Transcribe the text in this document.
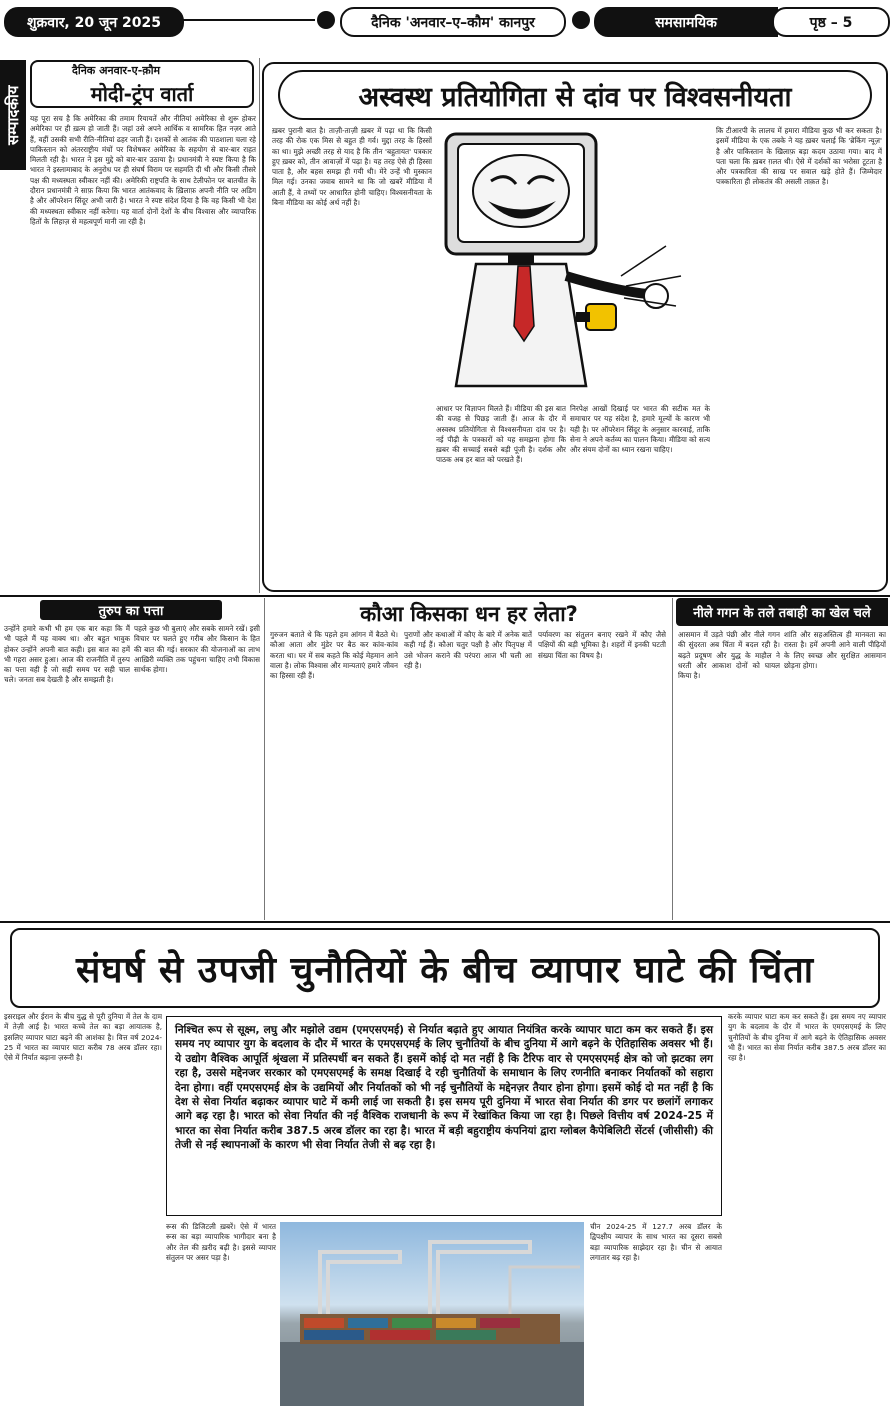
शुक्रवार, 20 जून 2025	दैनिक 'अनवार–ए–कौम' कानपुर	समसामयिक	पृष्ठ – 5
सम्पादकीय
दैनिक अनवार-ए-क़ौम
मोदी-ट्रंप वार्ता
यह पूरा सच है कि अमेरिका की तमाम रियायतें और नीतियां अमेरिका से शुरू होकर अमेरिका पर ही ख़त्म हो जाती हैं। जहां उसे अपने आर्थिक व सामरिक हित नज़र आते हैं, वहीं उसकी सभी रीति-नीतियां ढहर जाती हैं। दशकों से आतंक की पाठशाला चला रहे पाकिस्तान को अंतरराष्ट्रीय मंचों पर विशेषकर अमेरिका के सहयोग से बार-बार राहत मिलती रही है। भारत ने इस मुद्दे को बार-बार उठाया है। प्रधानमंत्री ने स्पष्ट किया है कि भारत ने इस्लामाबाद के अनुरोध पर ही संघर्ष विराम पर सहमति दी थी और किसी तीसरे पक्ष की मध्यस्थता स्वीकार नहीं की। अमेरिकी राष्ट्रपति के साथ टेलीफोन पर बातचीत के दौरान प्रधानमंत्री ने साफ़ किया कि भारत आतंकवाद के ख़िलाफ़ अपनी नीति पर अडिग है और ऑपरेशन सिंदूर अभी जारी है। भारत ने स्पष्ट संदेश दिया है कि वह किसी भी देश की मध्यस्थता स्वीकार नहीं करेगा। यह वार्ता दोनों देशों के बीच विश्वास और व्यापारिक हितों के लिहाज़ से महत्वपूर्ण मानी जा रही है।
अस्वस्थ प्रतियोगिता से दांव पर विश्वसनीयता
ख़बर पुरानी बात है। ताज़ी-ताज़ी ख़बर में पढ़ा था कि किसी तरह की रोक एक मिस से बहुत ही गर्व। मुद्दा तरह के हिस्सों का था। मुझे अच्छी तरह से याद है कि तीन 'बहुतायत' पत्रकार हुए ख़बर को, तीन आवाज़ों में पढ़ा है। यह तरह ऐसे ही हिस्सा पाता है, और बहस समझ ही गयी थी। मेरे उन्हें भी मुस्कान मिल गई। उनका जवाब सामने था कि जो खबरें मीडिया में आती हैं, वे तथ्यों पर आधारित होनी चाहिए। विश्वसनीयता के बिना मीडिया का कोई अर्थ नहीं है।
आधार पर विज्ञापन मिलते हैं। मीडिया की इस बात की वजह से पिछड़ जाती हैं। आज के दौर में अस्वस्थ प्रतियोगिता से विश्वसनीयता दांव पर है। नई पीढ़ी के पत्रकारों को यह समझना होगा कि ख़बर की सच्चाई सबसे बड़ी पूंजी है। दर्शक और पाठक अब हर बात को परखते हैं।
निरपेक्ष आखों दिखाई पर भारत की सटीक मत के समाचार पर यह संदेश है, हमारे मूल्यों के कारण भी यही है। पर ऑपरेशन सिंदूर के अनुसार कारवाई, ताकि सेना ने अपने कर्तव्य का पालन किया। मीडिया को सत्य और संयम दोनों का ध्यान रखना चाहिए।
कि टीआरपी के लालच में हमारा मीडिया कुछ भी कर सकता है। इसमें मीडिया के एक तबके ने यह ख़बर चलाई कि 'ब्रेकिंग न्यूज़' है और पाकिस्तान के खिलाफ़ बड़ा कदम उठाया गया। बाद में पता चला कि ख़बर ग़लत थी। ऐसे में दर्शकों का भरोसा टूटता है और पत्रकारिता की साख पर सवाल खड़े होते हैं। जिम्मेदार पत्रकारिता ही लोकतंत्र की असली ताक़त है।
तुरुप का पत्ता
उन्होंने हमारे कभी भी हम एक बार कहा कि मैं भी पहले मैं यह वाक्य था। और बहुत भावुक होकर उन्होंने अपनी बात कही। इस बात का हमें भी गहरा असर हुआ। आज की राजनीति में तुरुप का पत्ता वही है जो सही समय पर सही चाल चले। जनता सब देखती है और समझती है।
पहले कुछ भी बुलाएं और सबके सामने रखें। इसी विचार पर चलते हुए गरीब और किसान के हित की बात की गई। सरकार की योजनाओं का लाभ आख़िरी व्यक्ति तक पहुंचना चाहिए तभी विकास सार्थक होगा।
कौआ किसका धन हर लेता?
गुरुजन बताते थे कि पहले हम आंगन में बैठते थे। कौआ आता और मुंडेर पर बैठ कर कांव-कांव करता था। घर में सब कहते कि कोई मेहमान आने वाला है। लोक विश्वास और मान्यताएं हमारे जीवन का हिस्सा रही हैं।
पुराणों और कथाओं में कौए के बारे में अनेक बातें कही गई हैं। कौआ चतुर पक्षी है और पितृपक्ष में उसे भोजन कराने की परंपरा आज भी चली आ रही है।
पर्यावरण का संतुलन बनाए रखने में कौए जैसे पक्षियों की बड़ी भूमिका है। शहरों में इनकी घटती संख्या चिंता का विषय है।
नीले गगन के तले तबाही का खेल चले
आसमान में उड़ते पंछी और नीले गगन की सुंदरता अब चिंता में बदल रही है। बढ़ते प्रदूषण और युद्ध के माहौल ने धरती और आकाश दोनों को घायल किया है।
शांति और सहअस्तित्व ही मानवता का रास्ता है। हमें अपनी आने वाली पीढ़ियों के लिए स्वच्छ और सुरक्षित आसमान छोड़ना होगा।
संघर्ष से उपजी चुनौतियों के बीच व्यापार घाटे की चिंता
इसराइल और ईरान के बीच युद्ध से पूरी दुनिया में तेल के दाम में तेज़ी आई है। भारत कच्चे तेल का बड़ा आयातक है, इसलिए व्यापार घाटा बढ़ने की आशंका है। वित्त वर्ष 2024-25 में भारत का व्यापार घाटा करीब 78 अरब डॉलर रहा। ऐसे में निर्यात बढ़ाना ज़रूरी है।
निश्चित रूप से सूक्ष्म, लघु और मझोले उद्यम (एमएसएमई) से निर्यात बढ़ाते हुए आयात नियंत्रित करके व्यापार घाटा कम कर सकते हैं। इस समय नए व्यापार युग के बदलाव के दौर में भारत के एमएसएमई के लिए चुनौतियों के बीच दुनिया में आगे बढ़ने के ऐतिहासिक अवसर भी हैं। ये उद्योग वैश्विक आपूर्ति श्रृंखला में प्रतिस्पर्धी बन सकते हैं। इसमें कोई दो मत नहीं है कि टैरिफ वार से एमएसएमई क्षेत्र को जो झटका लग रहा है, उससे मद्देनजर सरकार को एमएसएमई के समक्ष दिखाई दे रही चुनौतियों के समाधान के लिए रणनीति बनाकर निर्यातकों को सहारा देना होगा। वहीं एमएसएमई क्षेत्र के उद्यमियों और निर्यातकों को भी नई चुनौतियों के मद्देनज़र तैयार होना होगा। इसमें कोई दो मत नहीं है कि देश से सेवा निर्यात बढ़ाकर व्यापार घाटे में कमी लाई जा सकती है। इस समय पूरी दुनिया में भारत सेवा निर्यात की डगर पर छलांगें लगाकर आगे बढ़ रहा है। भारत को सेवा निर्यात की नई वैश्विक राजधानी के रूप में रेखांकित किया जा रहा है। पिछले वित्तीय वर्ष 2024-25 में भारत का सेवा निर्यात करीब 387.5 अरब डॉलर का रहा है। भारत में बड़ी बहुराष्ट्रीय कंपनियां द्वारा ग्लोबल कैपेबिलिटी सेंटर्स (जीसीसी) की तेजी से नई स्थापनाओं के कारण भी सेवा निर्यात तेजी से बढ़ रहा है।
रूस की डिजिटली ख़बरें। ऐसे में भारत रूस का बड़ा व्यापारिक भागीदार बना है और तेल की ख़रीद बढ़ी है। इससे व्यापार संतुलन पर असर पड़ा है।
चीन 2024-25 में 127.7 अरब डॉलर के द्विपक्षीय व्यापार के साथ भारत का दूसरा सबसे बड़ा व्यापारिक साझेदार रहा है। चीन से आयात लगातार बढ़ रहा है।
करके व्यापार घाटा कम कर सकते हैं। इस समय नए व्यापार युग के बदलाव के दौर में भारत के एमएसएमई के लिए चुनौतियों के बीच दुनिया में आगे बढ़ने के ऐतिहासिक अवसर भी हैं। भारत का सेवा निर्यात करीब 387.5 अरब डॉलर का रहा है।
